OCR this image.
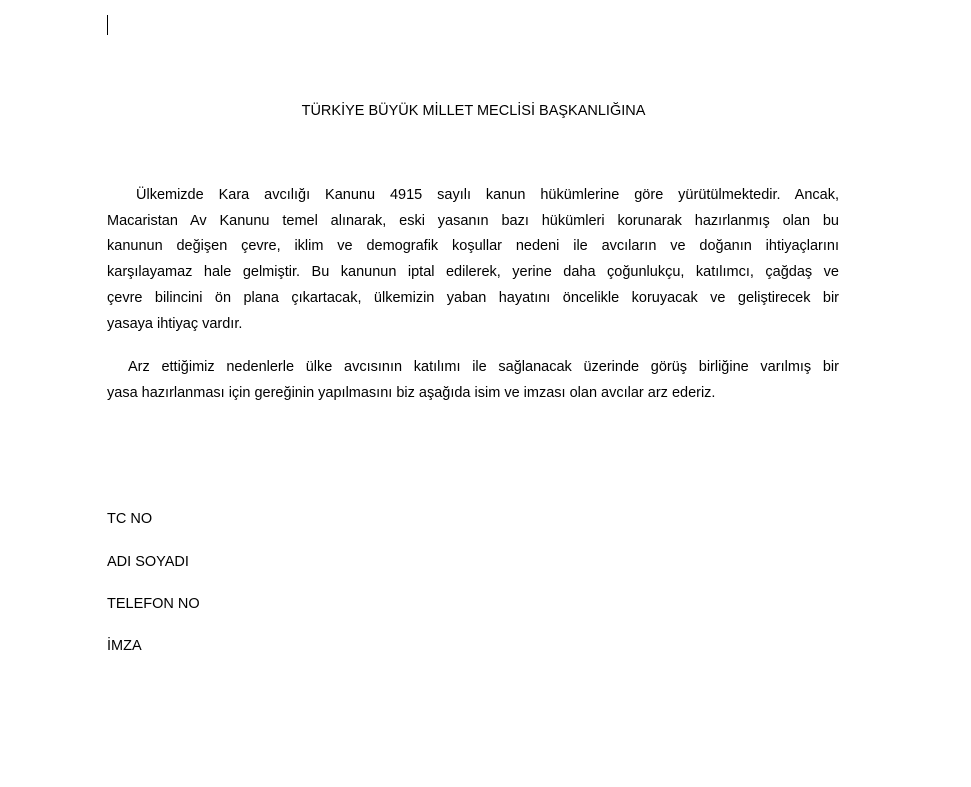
TÜRKİYE BÜYÜK MİLLET MECLİSİ BAŞKANLIĞINA
Ülkemizde Kara avcılığı Kanunu 4915 sayılı kanun hükümlerine göre yürütülmektedir. Ancak,
Macaristan Av Kanunu temel alınarak, eski yasanın bazı hükümleri korunarak hazırlanmış olan bu
kanunun değişen çevre, iklim ve demografik koşullar nedeni ile avcıların ve doğanın ihtiyaçlarını
karşılayamaz hale gelmiştir. Bu kanunun iptal edilerek, yerine daha çoğunlukçu, katılımcı, çağdaş ve
çevre bilincini ön plana çıkartacak, ülkemizin yaban hayatını öncelikle koruyacak ve geliştirecek bir
yasaya ihtiyaç vardır.
Arz ettiğimiz nedenlerle ülke avcısının katılımı ile sağlanacak üzerinde görüş birliğine varılmış bir
yasa hazırlanması için gereğinin yapılmasını biz aşağıda isim ve imzası olan avcılar arz ederiz.
TC NO
ADI SOYADI
TELEFON NO
İMZA
